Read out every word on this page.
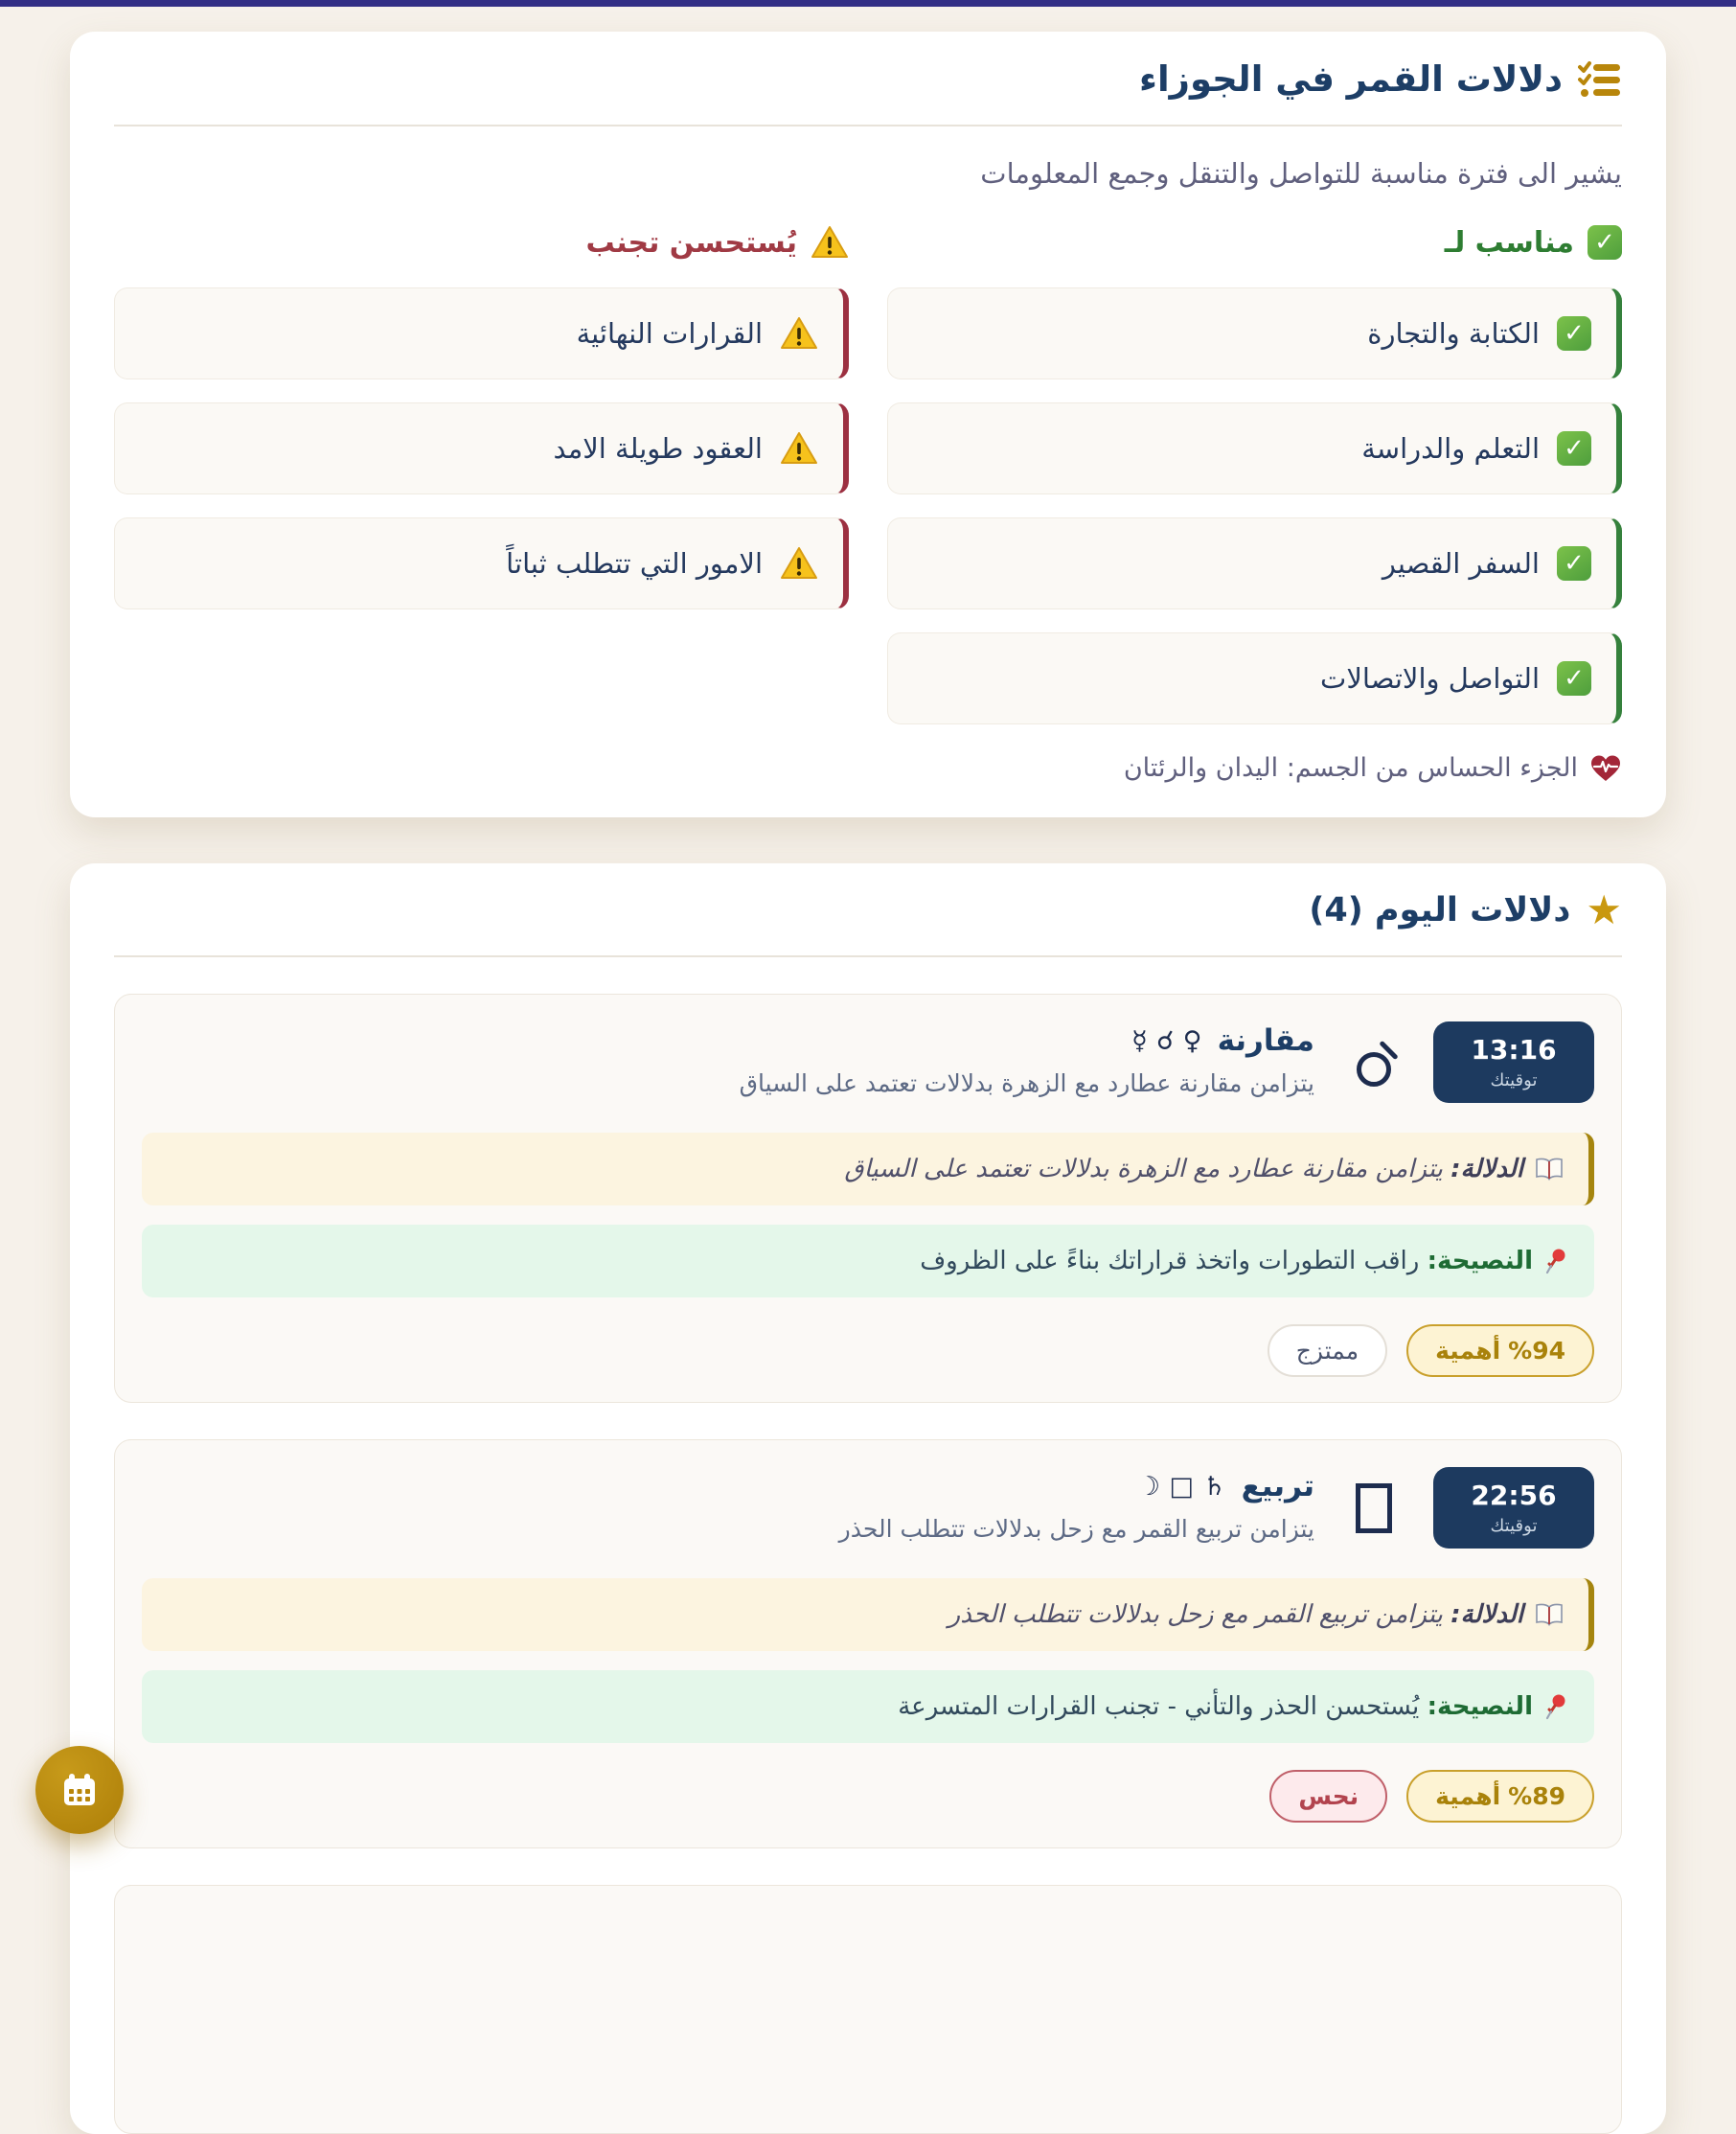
دلالات القمر في الجوزاء

يشير الى فترة مناسبة للتواصل والتنقل وجمع المعلومات

✓
مناسب لـ
✓
الكتابة والتجارة
✓
التعلم والدراسة
✓
السفر القصير
✓
التواصل والاتصالات
يُستحسن تجنب
القرارات النهائية
العقود طويلة الامد
الامور التي تتطلب ثباتاً
الجزء الحساس من الجسم: اليدان والرئتان
★
دلالات اليوم (4)
13:16
توقيتك
مقارنة
☿ ☌ ♀
يتزامن مقارنة عطارد مع الزهرة بدلالات تعتمد على السياق
الدلالة: يتزامن مقارنة عطارد مع الزهرة بدلالات تعتمد على السياق
النصيحة: راقب التطورات واتخذ قراراتك بناءً على الظروف
%94
أهمية
ممتزج
22:56
توقيتك
تربيع
☽ □ ♄
يتزامن تربيع القمر مع زحل بدلالات تتطلب الحذر
الدلالة: يتزامن تربيع القمر مع زحل بدلالات تتطلب الحذر
النصيحة: يُستحسن الحذر والتأني - تجنب القرارات المتسرعة
%89
أهمية
نحس
